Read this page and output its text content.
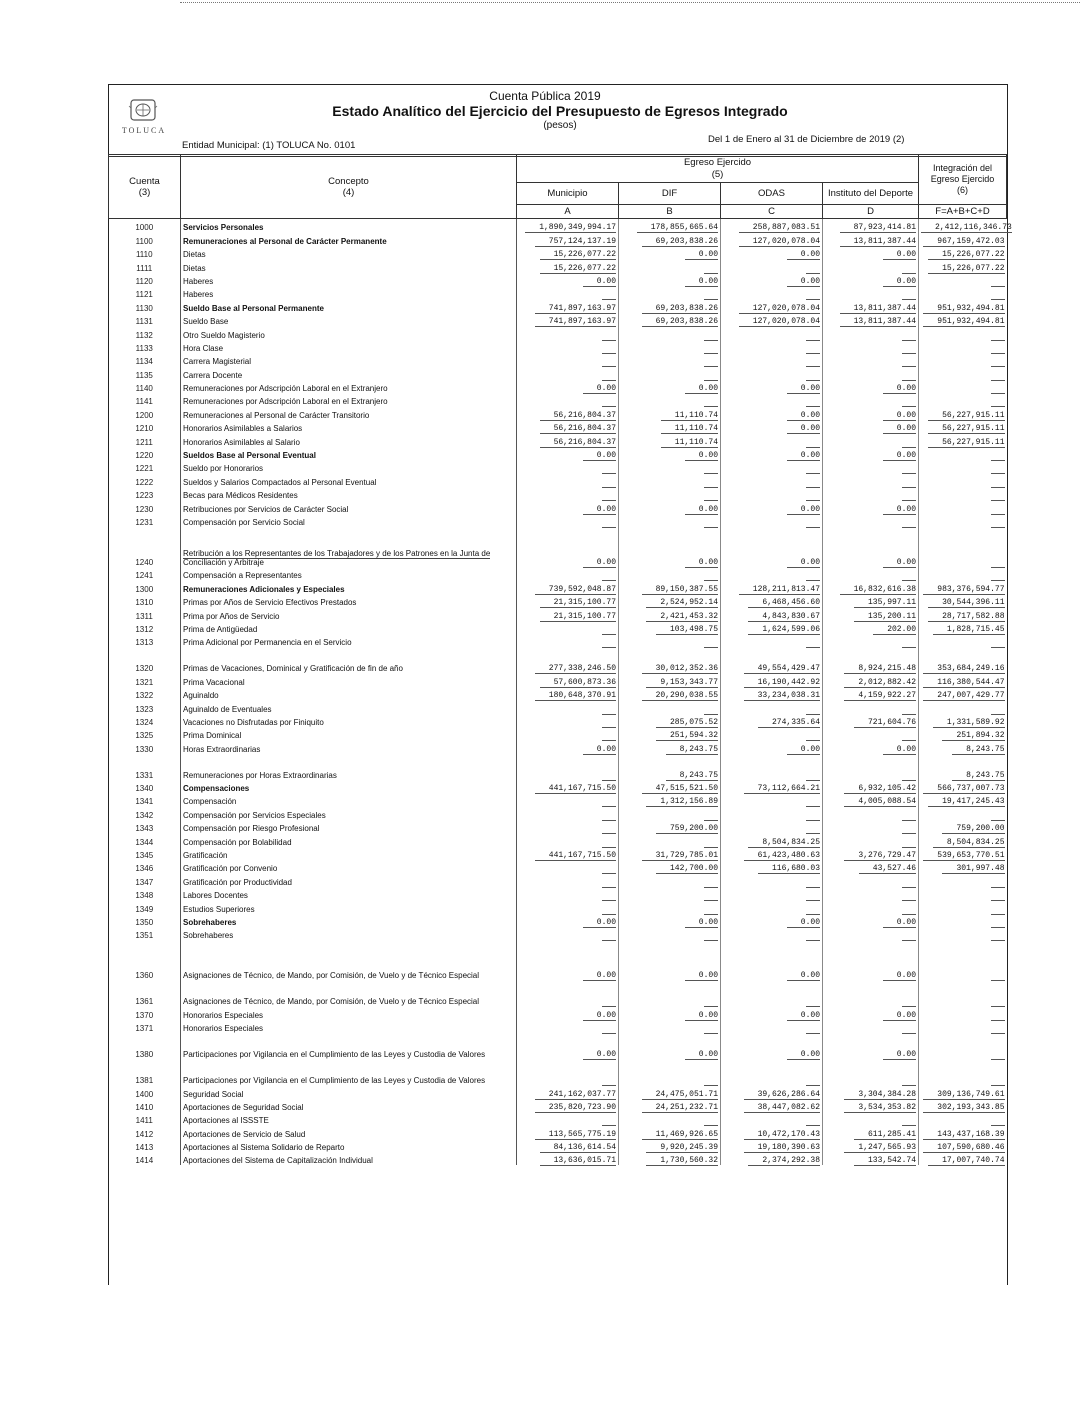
TOLUCA
Cuenta Pública 2019
Estado Analítico del Ejercicio del Presupuesto de Egresos Integrado
(pesos)
Entidad Municipal: (1) TOLUCA No. 0101
Del 1 de Enero al 31 de Diciembre de 2019 (2)
Cuenta
(3)	Concepto
(4)	Egreso Ejercido
(5)				Integración del Egreso Ejercido
(6)
		Municipio	DIF	ODAS	Instituto del Deporte	
		A	B	C	D	F=A+B+C+D
1000	Servicios Personales	1,890,349,994.17	178,855,665.64	258,887,083.51	87,923,414.81	2,412,116,346.73
1100	Remuneraciones al Personal de Carácter Permanente	757,124,137.19	69,203,838.26	127,020,078.04	13,811,387.44	967,159,472.03
1110	Dietas	15,226,077.22	0.00	0.00	0.00	15,226,077.22
1111	Dietas	15,226,077.22				15,226,077.22
1120	Haberes	0.00	0.00	0.00	0.00	
1121	Haberes					
1130	Sueldo Base al Personal Permanente	741,897,163.97	69,203,838.26	127,020,078.04	13,811,387.44	951,932,494.81
1131	Sueldo Base	741,897,163.97	69,203,838.26	127,020,078.04	13,811,387.44	951,932,494.81
1132	Otro Sueldo Magisterio					
1133	Hora Clase					
1134	Carrera Magisterial					
1135	Carrera Docente					
1140	Remuneraciones por Adscripción Laboral en el Extranjero	0.00	0.00	0.00	0.00	
1141	Remuneraciones por Adscripción Laboral en el Extranjero					
1200	Remuneraciones al Personal de Carácter Transitorio	56,216,804.37	11,110.74	0.00	0.00	56,227,915.11
1210	Honorarios Asimilables a Salarios	56,216,804.37	11,110.74	0.00	0.00	56,227,915.11
1211	Honorarios Asimilables al Salario	56,216,804.37	11,110.74			56,227,915.11
1220	Sueldos Base al Personal Eventual	0.00	0.00	0.00	0.00	
1221	Sueldo por Honorarios					
1222	Sueldos y Salarios Compactados al Personal Eventual					
1223	Becas para Médicos Residentes					
1230	Retribuciones por Servicios de Carácter Social	0.00	0.00	0.00	0.00	
1231	Compensación por Servicio Social					
1240	Retribución a los Representantes de los Trabajadores y de los Patrones en la Junta de Conciliación y Arbitraje	0.00	0.00	0.00	0.00	
1241	Compensación a Representantes					
1300	Remuneraciones Adicionales y Especiales	739,592,048.87	89,150,387.55	128,211,813.47	16,832,616.38	983,376,594.77
1310	Primas por Años de Servicio Efectivos Prestados	21,315,100.77	2,524,952.14	6,468,456.60	135,997.11	30,544,396.11
1311	Prima por Años de Servicio	21,315,100.77	2,421,453.32	4,843,830.67	135,200.11	28,717,582.88
1312	Prima de Antigüedad		103,498.75	1,624,599.06	202.00	1,828,715.45
1313	Prima Adicional por Permanencia en el Servicio					
1320	Primas de Vacaciones, Dominical y Gratificación de fin de año	277,338,246.50	30,012,352.36	49,554,429.47	8,924,215.48	353,684,249.16
1321	Prima Vacacional	57,600,873.36	9,153,343.77	16,190,442.92	2,012,882.42	116,380,544.47
1322	Aguinaldo	180,648,370.91	20,290,038.55	33,234,038.31	4,159,922.27	247,007,429.77
1323	Aguinaldo de Eventuales					
1324	Vacaciones no Disfrutadas por Finiquito		285,075.52	274,335.64	721,604.76	1,331,589.92
1325	Prima Dominical		251,594.32			251,894.32
1330	Horas Extraordinarias	0.00	8,243.75	0.00	0.00	8,243.75
1331	Remuneraciones por Horas Extraordinarias		8,243.75			8,243.75
1340	Compensaciones	441,167,715.50	47,515,521.50	73,112,664.21	6,932,105.42	566,737,007.73
1341	Compensación		1,312,156.89		4,005,088.54	19,417,245.43
1342	Compensación por Servicios Especiales					
1343	Compensación por Riesgo Profesional		759,200.00			759,200.00
1344	Compensación por Bolabilidad			8,504,834.25		8,504,834.25
1345	Gratificación	441,167,715.50	31,729,785.01	61,423,480.63	3,276,729.47	539,653,770.51
1346	Gratificación por Convenio		142,700.00	116,680.03	43,527.46	301,997.48
1347	Gratificación por Productividad					
1348	Labores Docentes					
1349	Estudios Superiores					
1350	Sobrehaberes	0.00	0.00	0.00	0.00	
1351	Sobrehaberes					
1360	Asignaciones de Técnico, de Mando, por Comisión, de Vuelo y de Técnico Especial	0.00	0.00	0.00	0.00	
1361	Asignaciones de Técnico, de Mando, por Comisión, de Vuelo y de Técnico Especial					
1370	Honorarios Especiales	0.00	0.00	0.00	0.00	
1371	Honorarios Especiales					
1380	Participaciones por Vigilancia en el Cumplimiento de las Leyes y Custodia de Valores	0.00	0.00	0.00	0.00	
1381	Participaciones por Vigilancia en el Cumplimiento de las Leyes y Custodia de Valores					
1400	Seguridad Social	241,162,037.77	24,475,051.71	39,626,286.64	3,304,384.28	309,136,749.61
1410	Aportaciones de Seguridad Social	235,820,723.90	24,251,232.71	38,447,082.62	3,534,353.82	302,193,343.85
1411	Aportaciones al ISSSTE					
1412	Aportaciones de Servicio de Salud	113,565,775.19	11,469,926.65	10,472,170.43	611,285.41	143,437,168.39
1413	Aportaciones al Sistema Solidario de Reparto	84,136,614.54	9,920,245.39	19,180,390.63	1,247,565.93	107,590,680.46
1414	Aportaciones del Sistema de Capitalización Individual	13,636,015.71	1,730,560.32	2,374,292.38	133,542.74	17,007,740.74
